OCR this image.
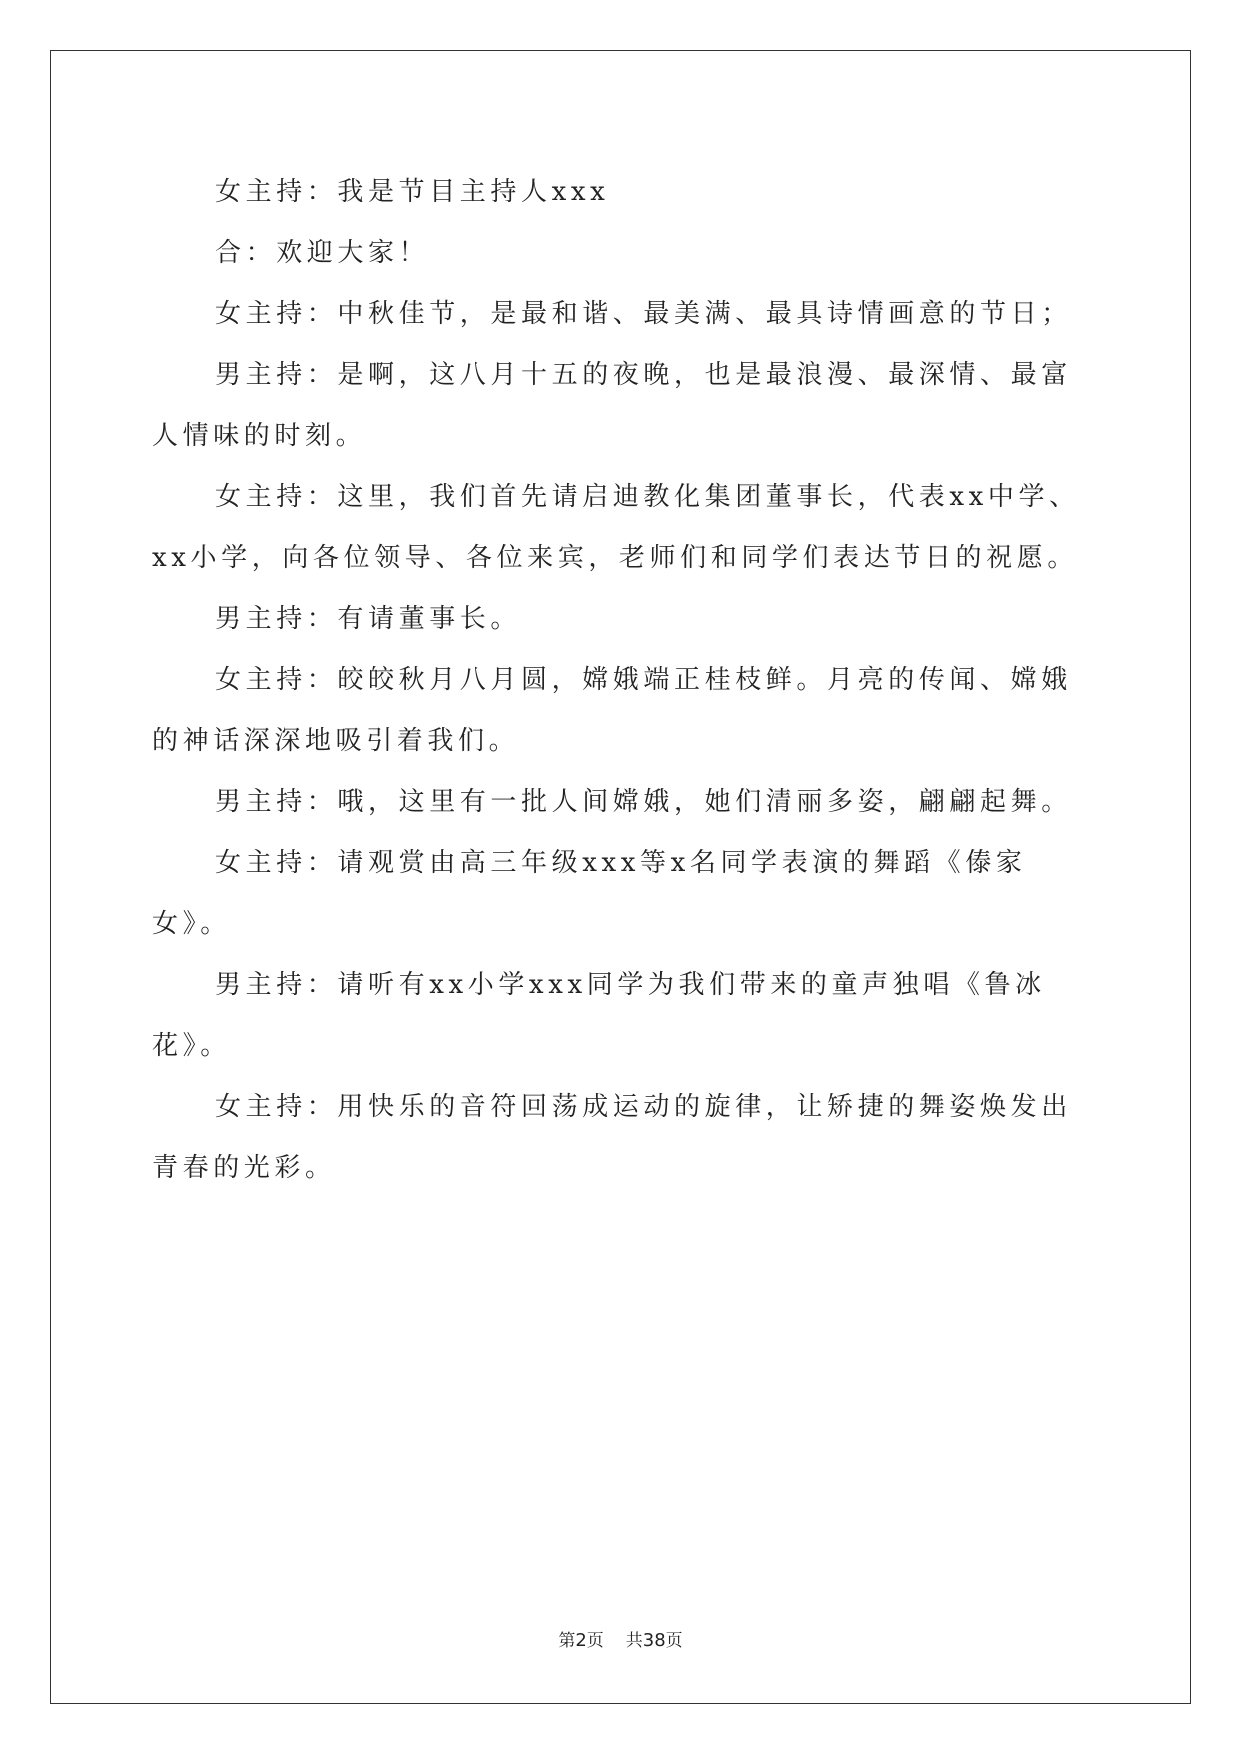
女主持：我是节目主持人xxx

合：欢迎大家！

女主持：中秋佳节，是最和谐、最美满、最具诗情画意的节日；

男主持：是啊，这八月十五的夜晚，也是最浪漫、最深情、最富人情味的时刻。

女主持：这里，我们首先请启迪教化集团董事长，代表xx中学、xx小学，向各位领导、各位来宾，老师们和同学们表达节日的祝愿。

男主持：有请董事长。

女主持：皎皎秋月八月圆，嫦娥端正桂枝鲜。月亮的传闻、嫦娥的神话深深地吸引着我们。

男主持：哦，这里有一批人间嫦娥，她们清丽多姿，翩翩起舞。

女主持：请观赏由高三年级xxx等x名同学表演的舞蹈《傣家女》。

男主持：请听有xx小学xxx同学为我们带来的童声独唱《鲁冰花》。

女主持：用快乐的音符回荡成运动的旋律，让矫捷的舞姿焕发出青春的光彩。

第2页 共38页
